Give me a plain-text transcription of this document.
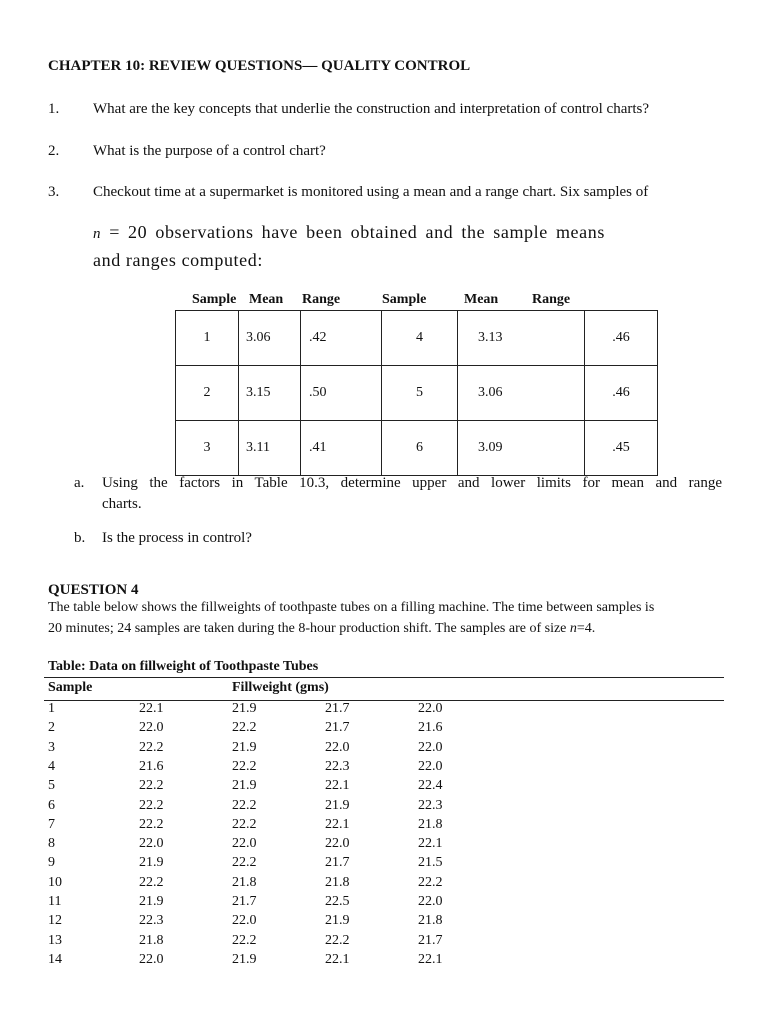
CHAPTER 10: REVIEW QUESTIONS— QUALITY CONTROL
1. What are the key concepts that underlie the construction and interpretation of control charts?
2. What is the purpose of a control chart?
3. Checkout time at a supermarket is monitored using a mean and a range chart. Six samples of
n = 20 observations have been obtained and the sample means
and ranges computed:
Sample Mean Range	Sample	Mean Range
1	3.06	.42	4	3.13	.46
2	3.15	.50	5	3.06	.46
3	3.11	.41	6	3.09	.45
a. Using the factors in Table 10.3, determine upper and lower limits for mean and range
charts.
b. Is the process in control?
QUESTION 4
The table below shows the fillweights of toothpaste tubes on a filling machine. The time between samples is
20 minutes; 24 samples are taken during the 8-hour production shift. The samples are of size n=4.
Table: Data on fillweight of Toothpaste Tubes
Sample	Fillweight (gms)
1	22.1	21.9	21.7	22.0
2	22.0	22.2	21.7	21.6
3	22.2	21.9	22.0	22.0
4	21.6	22.2	22.3	22.0
5	22.2	21.9	22.1	22.4
6	22.2	22.2	21.9	22.3
7	22.2	22.2	22.1	21.8
8	22.0	22.0	22.0	22.1
9	21.9	22.2	21.7	21.5
10	22.2	21.8	21.8	22.2
11	21.9	21.7	22.5	22.0
12	22.3	22.0	21.9	21.8
13	21.8	22.2	22.2	21.7
14	22.0	21.9	22.1	22.1
